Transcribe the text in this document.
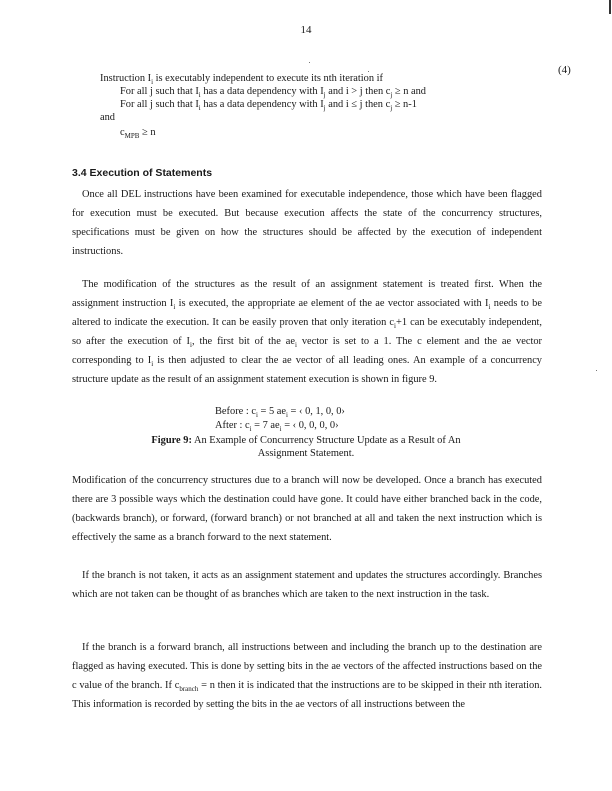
14
(4)
Instruction $I_i$ is executably independent to execute its nth iteration if
For all j such that $I_i$ has a data dependency with $I_j$ and i > j then $c_j \ge n$ and
For all j such that $I_i$ has a data dependency with $I_j$ and i ≤ j then $c_j \ge n-1$
and
$c_{MPB} \ge n$
3.4 Execution of Statements
Once all DEL instructions have been examined for executable independence, those which have been flagged for execution must be executed. But because execution affects the state of the concurrency structures, specifications must be given on how the structures should be affected by the execution of independent instructions.
The modification of the structures as the result of an assignment statement is treated first. When the assignment instruction $I_i$ is executed, the appropriate ae element of the ae vector associated with $I_i$ needs to be altered to indicate the execution. It can be easily proven that only iteration $c_i+1$ can be executably independent, so after the execution of $I_i$, the first bit of the $ae_i$ vector is set to a 1. The c element and the ae vector corresponding to $I_i$ is then adjusted to clear the ae vector of all leading ones. An example of a concurrency structure update as the result of an assignment statement execution is shown in figure 9.
Before : $c_i = 5$ $ae_i$ = ‹ 0, 1, 0, 0›
After : $c_i = 7$ $ae_i$ = ‹ 0, 0, 0, 0›
Figure 9: An Example of Concurrency Structure Update as a Result of An
Assignment Statement.
Modification of the concurrency structures due to a branch will now be developed. Once a branch has executed there are 3 possible ways which the destination could have gone. It could have either branched back in the code, (backwards branch), or forward, (forward branch) or not branched at all and taken the next instruction which is effectively the same as a branch forward to the next statement.
If the branch is not taken, it acts as an assignment statement and updates the structures accordingly. Branches which are not taken can be thought of as branches which are taken to the next instruction in the task.
If the branch is a forward branch, all instructions between and including the branch up to the destination are flagged as having executed. This is done by setting bits in the ae vectors of the affected instructions based on the c value of the branch. If $c_{branch} = n$ then it is indicated that the instructions are to be skipped in their nth iteration. This information is recorded by setting the bits in the ae vectors of all instructions between the
